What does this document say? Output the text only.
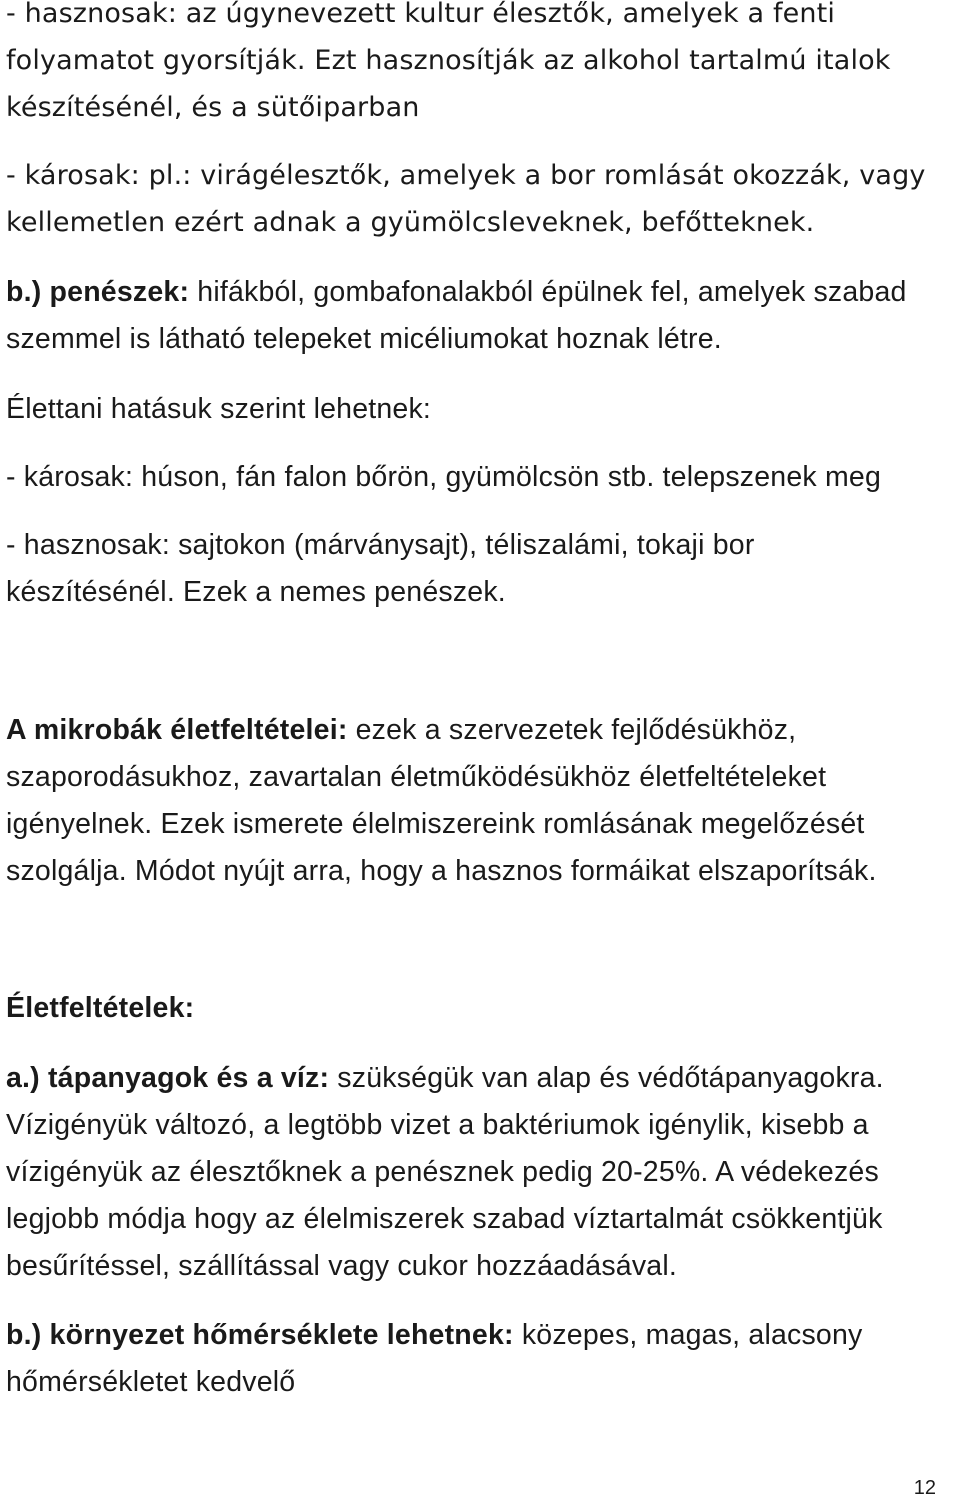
- hasznosak: az úgynevezett kultur élesztők, amelyek a fenti
folyamatot gyorsítják. Ezt hasznosítják az alkohol tartalmú italok
készítésénél, és a sütőiparban
- károsak: pl.: virágélesztők, amelyek a bor romlását okozzák, vagy
kellemetlen ezért adnak a gyümölcsleveknek, befőtteknek.
b.) penészek: hifákból, gombafonalakból épülnek fel, amelyek szabad
szemmel is látható telepeket micéliumokat hoznak létre.
Élettani hatásuk szerint lehetnek:
- károsak: húson, fán falon bőrön, gyümölcsön stb. telepszenek meg
- hasznosak: sajtokon (márványsajt), téliszalámi, tokaji bor
készítésénél. Ezek a nemes penészek.
A mikrobák életfeltételei: ezek a szervezetek fejlődésükhöz,
szaporodásukhoz, zavartalan életműködésükhöz életfeltételeket
igényelnek. Ezek ismerete élelmiszereink romlásának megelőzését
szolgálja. Módot nyújt arra, hogy a hasznos formáikat elszaporítsák.
Életfeltételek:
a.) tápanyagok és a víz: szükségük van alap és védőtápanyagokra.
Vízigényük változó, a legtöbb vizet a baktériumok igénylik, kisebb a
vízigényük az élesztőknek a penésznek pedig 20-25%. A védekezés
legjobb módja hogy az élelmiszerek szabad víztartalmát csökkentjük
besűrítéssel, szállítással vagy cukor hozzáadásával.
b.) környezet hőmérséklete lehetnek: közepes, magas, alacsony
hőmérsékletet kedvelő
12
